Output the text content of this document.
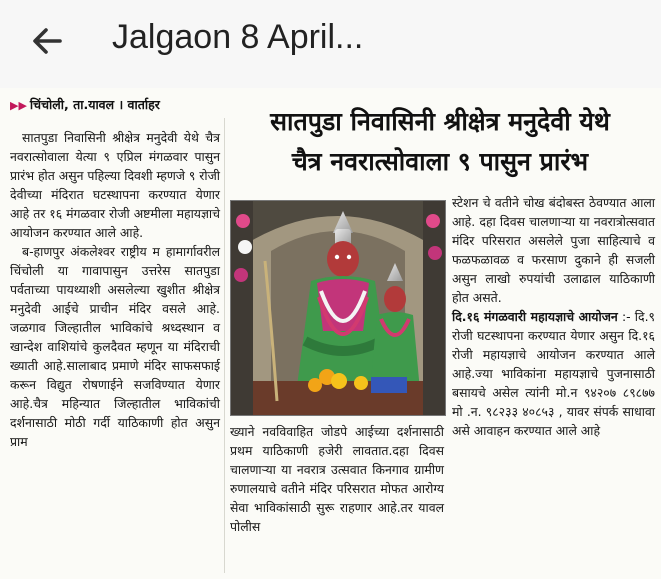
Jalgaon 8 April...
▶▶ चिंचोली, ता.यावल । वार्ताहर
सातपुडा निवासिनी श्रीक्षेत्र मनुदेवी येथे
चैत्र नवरात्सोवाला ९ पासुन प्रारंभ

सातपुडा निवासिनी श्रीक्षेत्र मनुदेवी येथे चैत्र नवरात्सोवाला येत्या ९ एप्रिल मंगळवार पासुन प्रारंभ होत असुन पहिल्या दिवशी म्हणजे ९ रोजी देवीच्या मंदिरात घटस्थापना करण्यात येणार आहे तर १६ मंगळवार रोजी अष्टमीला महायज्ञाचे आयोजन करण्यात आले आहे.

ब-हाणपुर अंकलेश्वर राष्ट्रीय म हामार्गावरील चिंचोली या गावापासुन उत्तरेस सातपुडा पर्वताच्या पायथ्याशी असलेल्या खुशीत श्रीक्षेत्र मनुदेवी आईचे प्राचीन मंदिर वसले आहे. जळगाव जिल्हातील भाविकांचे श्रध्दस्थान व खान्देश वाशियांचे कुलदैवत म्हणून या मंदिराची ख्याती आहे.सालाबाद प्रमाणे मंदिर साफसफाई करून विद्युत रोषणाईने सजविण्यात येणार आहे.चैत्र महिन्यात जिल्हातील भाविकांची दर्शनासाठी मोठी गर्दी याठिकाणी होत असुन प्राम

ख्याने नवविवाहित जोडपे आईच्या दर्शनासाठी प्रथम याठिकाणी हजेरी लावतात.दहा दिवस चालणाऱ्या या नवरात्र उत्सवात किनगाव ग्रामीण रुणालयाचे वतीने मंदिर परिसरात मोफत आरोग्य सेवा भाविकांसाठी सुरू राहणार आहे.तर यावल पोलीस

स्टेशन चे वतीने चोख बंदोबस्त ठेवण्यात आला आहे. दहा दिवस चालणाऱ्या या नवरात्रोत्सवात मंदिर परिसरात असलेले पुजा साहित्याचे व फळफळावळ व फरसाण दुकाने ही सजली असुन लाखो रुपयांची उलाढाल याठिकाणी होत असते.

दि.१६ मंगळवारी महायज्ञाचे आयोजन :- दि.९ रोजी घटस्थापना करण्यात येणार असुन दि.१६ रोजी महायज्ञाचे आयोजन करण्यात आले आहे.ज्या भाविकांना महायज्ञाचे पुजनासाठी बसायचे असेल त्यांनी मो.न ९४२०७ ८९८७७ मो .न. ९८२३३ ४०८५३ , यावर संपर्क साधावा असे आवाहन करण्यात आले आहे
